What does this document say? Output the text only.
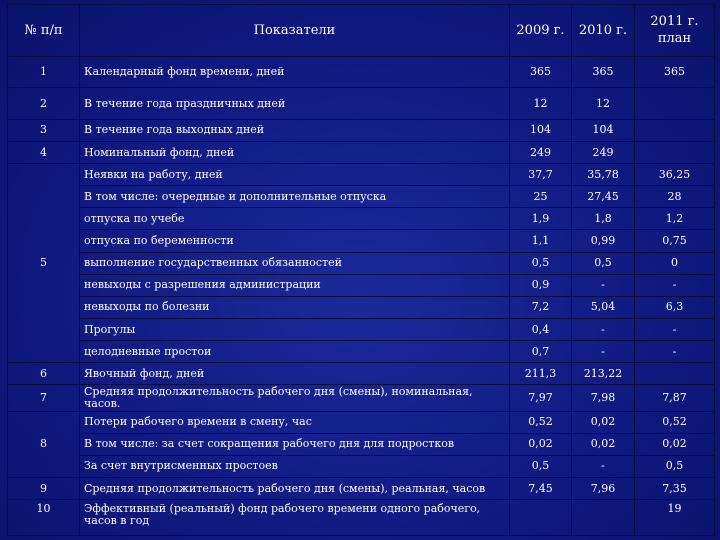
№ п/п	Показатели	2009 г.	2010 г.	2011 г. план
1	Календарный фонд времени, дней	365	365	365
2	В течение года праздничных дней	12	12	
3	В течение года выходных дней	104	104	
4	Номинальный фонд, дней	249	249	
5	Неявки на работу, дней	37,7	35,78	36,25
	В том числе: очередные и дополнительные отпуска	25	27,45	28
	отпуска по учебе	1,9	1,8	1,2
	отпуска по беременности	1,1	0,99	0,75
	выполнение государственных обязанностей	0,5	0,5	0
	невыходы с разрешения администрации	0,9	-	-
	невыходы по болезни	7,2	5,04	6,3
	Прогулы	0,4	-	-
	целодневные простои	0,7	-	-
6	Явочный фонд, дней	211,3	213,22	
7	Средняя продолжительность рабочего дня (смены), номинальная, часов.	7,97	7,98	7,87
8	Потери рабочего времени в смену, час	0,52	0,02	0,52
	В том числе: за счет сокращения рабочего дня для подростков	0,02	0,02	0,02
	За счет внутрисменных простоев	0,5	-	0,5
9	Средняя продолжительность рабочего дня (смены), реальная, часов	7,45	7,96	7,35
10	Эффективный (реальный) фонд рабочего времени одного рабочего, часов в год			19
